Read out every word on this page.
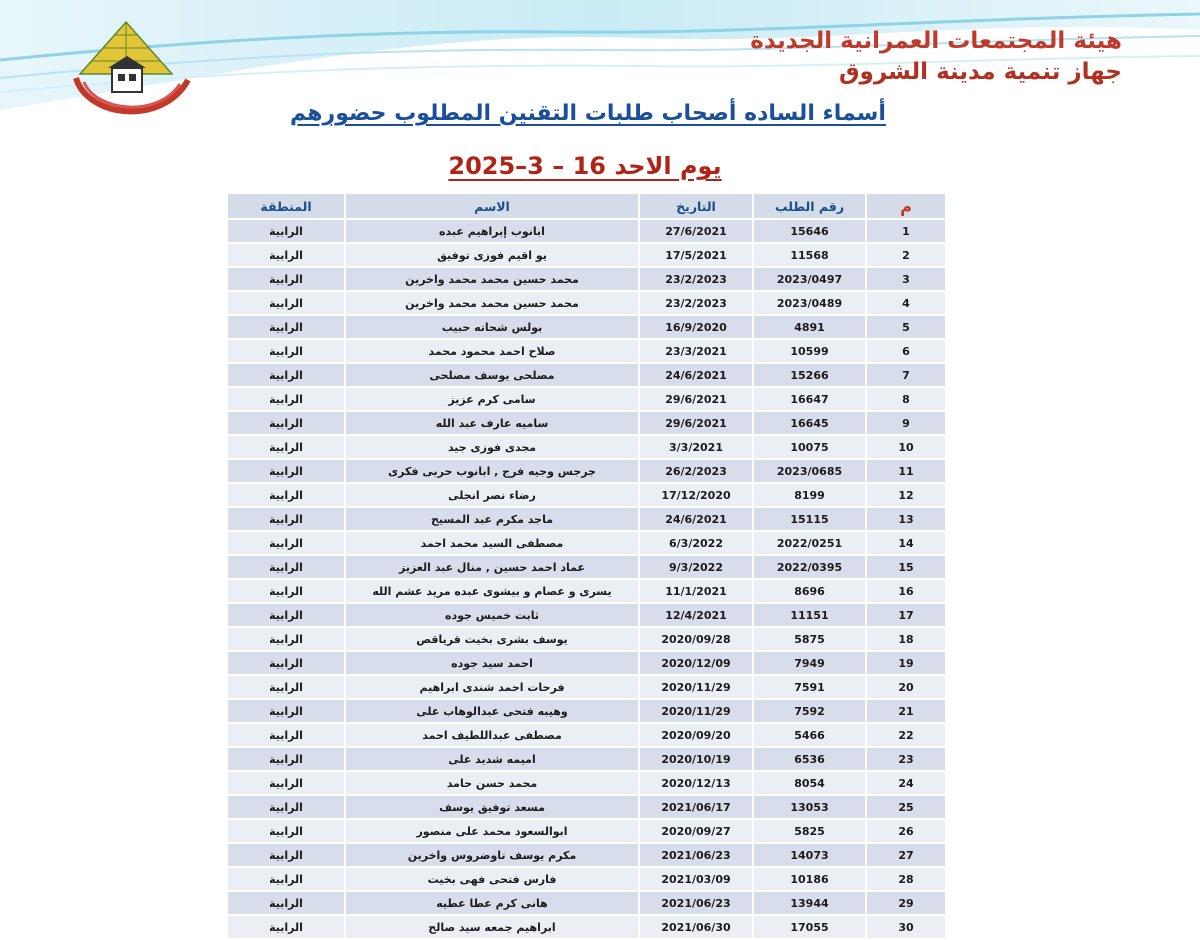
هيئة المجتمعات العمرانية الجديدة
جهاز تنمية مدينة الشروق
أسماء الساده أصحاب طلبات التقنين المطلوب حضورهم
يوم الاحد 16 – 3–2025
المنطقة	الاسم	التاريخ	رقم الطلب	م
الرابية	ابانوب إبراهيم عبده	27/6/2021	15646	1
الرابية	يو اقيم فوزى توفيق	17/5/2021	11568	2
الرابية	محمد حسين محمد محمد واخرين	23/2/2023	2023/0497	3
الرابية	محمد حسين محمد محمد واخرين	23/2/2023	2023/0489	4
الرابية	بولس شحاته حبيب	16/9/2020	4891	5
الرابية	صلاح احمد محمود محمد	23/3/2021	10599	6
الرابية	مصلحى يوسف مصلحى	24/6/2021	15266	7
الرابية	سامى كرم عزيز	29/6/2021	16647	8
الرابية	ساميه عارف عبد الله	29/6/2021	16645	9
الرابية	مجدى فوزى جيد	3/3/2021	10075	10
الرابية	جرجس وجيه فرج , ابانوب حربى فكرى	26/2/2023	2023/0685	11
الرابية	رضاء نصر انجلى	17/12/2020	8199	12
الرابية	ماجد مكرم عبد المسيح	24/6/2021	15115	13
الرابية	مصطفى السيد محمد احمد	6/3/2022	2022/0251	14
الرابية	عماد احمد حسين , منال عبد العزيز	9/3/2022	2022/0395	15
الرابية	يسرى و عصام و بيشوى عبده مريد عشم الله	11/1/2021	8696	16
الرابية	ثابت خميس جوده	12/4/2021	11151	17
الرابية	يوسف بشرى بخيت قرياقص	2020/09/28	5875	18
الرابية	احمد سيد جوده	2020/12/09	7949	19
الرابية	فرحات احمد شندى ابراهيم	2020/11/29	7591	20
الرابية	وهيبه فتحى عبدالوهاب على	2020/11/29	7592	21
الرابية	مصطفى عبداللطيف احمد	2020/09/20	5466	22
الرابية	اميمه شديد على	2020/10/19	6536	23
الرابية	محمد حسن حامد	2020/12/13	8054	24
الرابية	مسعد توفيق يوسف	2021/06/17	13053	25
الرابية	ابوالسعود محمد على منصور	2020/09/27	5825	26
الرابية	مكرم يوسف تاوضروس واخرين	2021/06/23	14073	27
الرابية	فارس فتحى فهى بخيت	2021/03/09	10186	28
الرابية	هانى كرم عطا عطيه	2021/06/23	13944	29
الرابية	ابراهيم جمعه سيد صالح	2021/06/30	17055	30
